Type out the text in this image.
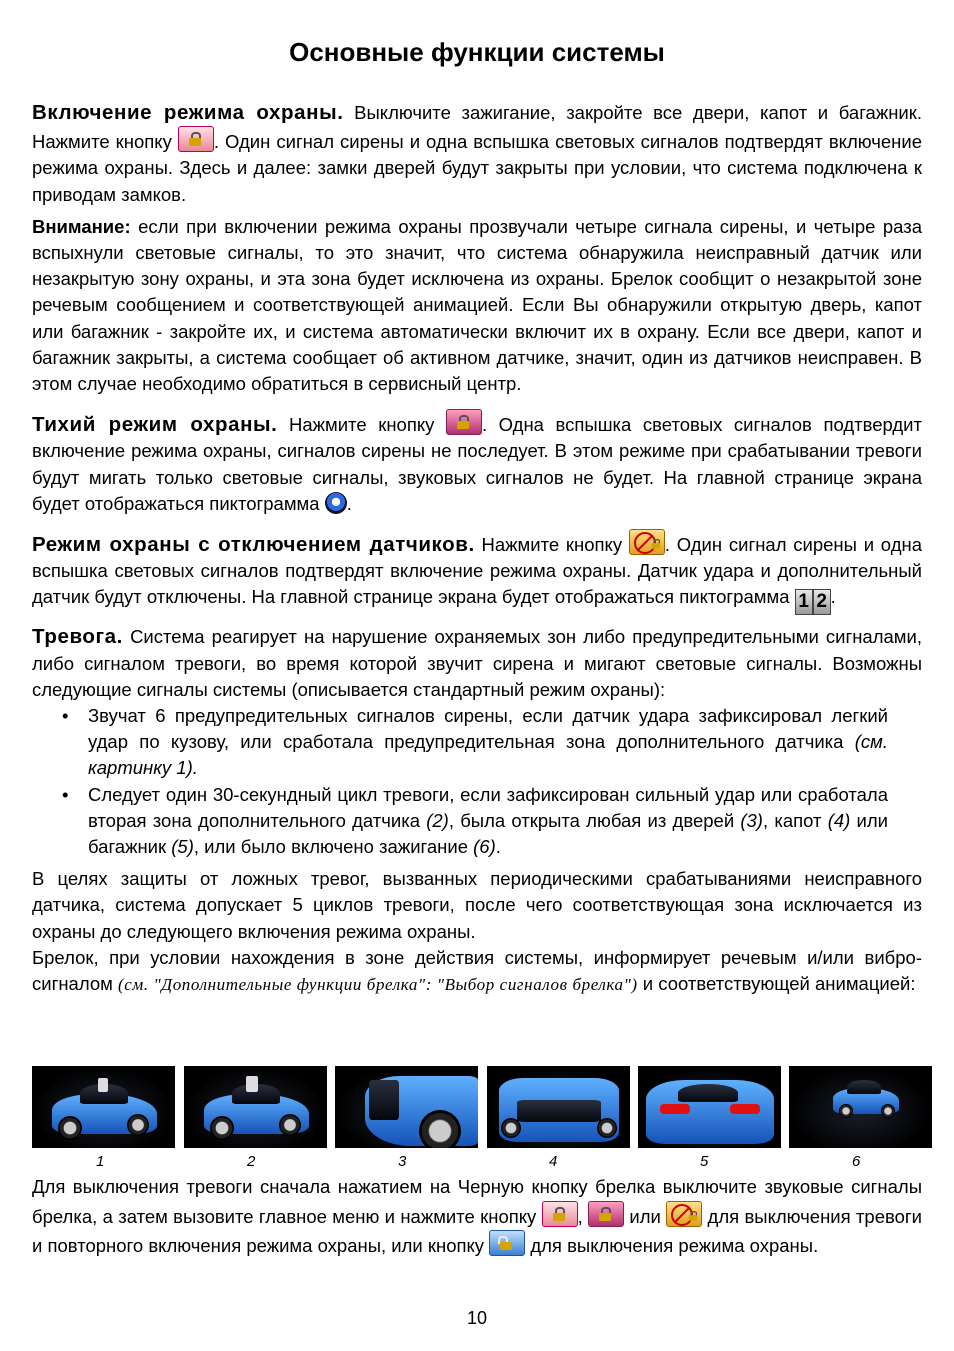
Основные функции системы

Включение режима охраны. Выключите зажигание, закройте все двери, капот и багажник. Нажмите кнопку
. Один сигнал сирены и одна вспышка световых сигналов подтвердят включение режима охраны. Здесь и далее: замки дверей будут закрыты при условии, что система подключена к приводам замков.

Внимание: если при включении режима охраны прозвучали четыре сигнала сирены, и четыре раза вспыхнули световые сигналы, то это значит, что система обнаружила неисправный датчик или незакрытую зону охраны, и эта зона будет исключена из охраны. Брелок сообщит о незакрытой зоне речевым сообщением и соответствующей анимацией. Если Вы обнаружили открытую дверь, капот или багажник - закройте их, и система автоматически включит их в охрану. Если все двери, капот и багажник закрыты, а система сообщает об активном датчике, значит, один из датчиков неисправен. В этом случае необходимо обратиться в сервисный центр.

Тихий режим охраны. Нажмите кнопку
. Одна вспышка световых сигналов подтвердит включение режима охраны, сигналов сирены не последует. В этом режиме при срабатывании тревоги будут мигать только световые сигналы, звуковых сигналов не будет. На главной странице экрана будет отображаться пиктограмма .

Режим охраны с отключением датчиков. Нажмите кнопку
. Один сигнал сирены и одна вспышка световых сигналов подтвердят включение режима охраны. Датчик удара и дополнительный датчик будут отключены. На главной странице экрана будет отображаться пиктограмма 1 2 .

Тревога. Система реагирует на нарушение охраняемых зон либо предупредительными сигналами, либо сигналом тревоги, во время которой звучит сирена и мигают световые сигналы. Возможны следующие сигналы системы (описывается стандартный режим охраны):

• Звучат 6 предупредительных сигналов сирены, если датчик удара зафиксировал легкий удар по кузову, или сработала предупредительная зона дополнительного датчика (см. картинку 1).
• Следует один 30-секундный цикл тревоги, если зафиксирован сильный удар или сработала вторая зона дополнительного датчика (2), была открыта любая из дверей (3), капот (4) или багажник (5), или было включено зажигание (6).

В целях защиты от ложных тревог, вызванных периодическими срабатываниями неисправного датчика, система допускает 5 циклов тревоги, после чего соответствующая зона исключается из охраны до следующего включения режима охраны.

Брелок, при условии нахождения в зоне действия системы, информирует речевым и/или вибро-сигналом (см. "Дополнительные функции брелка": "Выбор сигналов брелка") и соответствующей анимацией:

1	2	3	4	5	6

Для выключения тревоги сначала нажатием на Черную кнопку брелка выключите звуковые сигналы брелка, а затем вызовите главное меню и нажмите кнопку
,
или
для выключения тревоги и повторного включения режима охраны, или кнопку
для выключения режима охраны.

10
